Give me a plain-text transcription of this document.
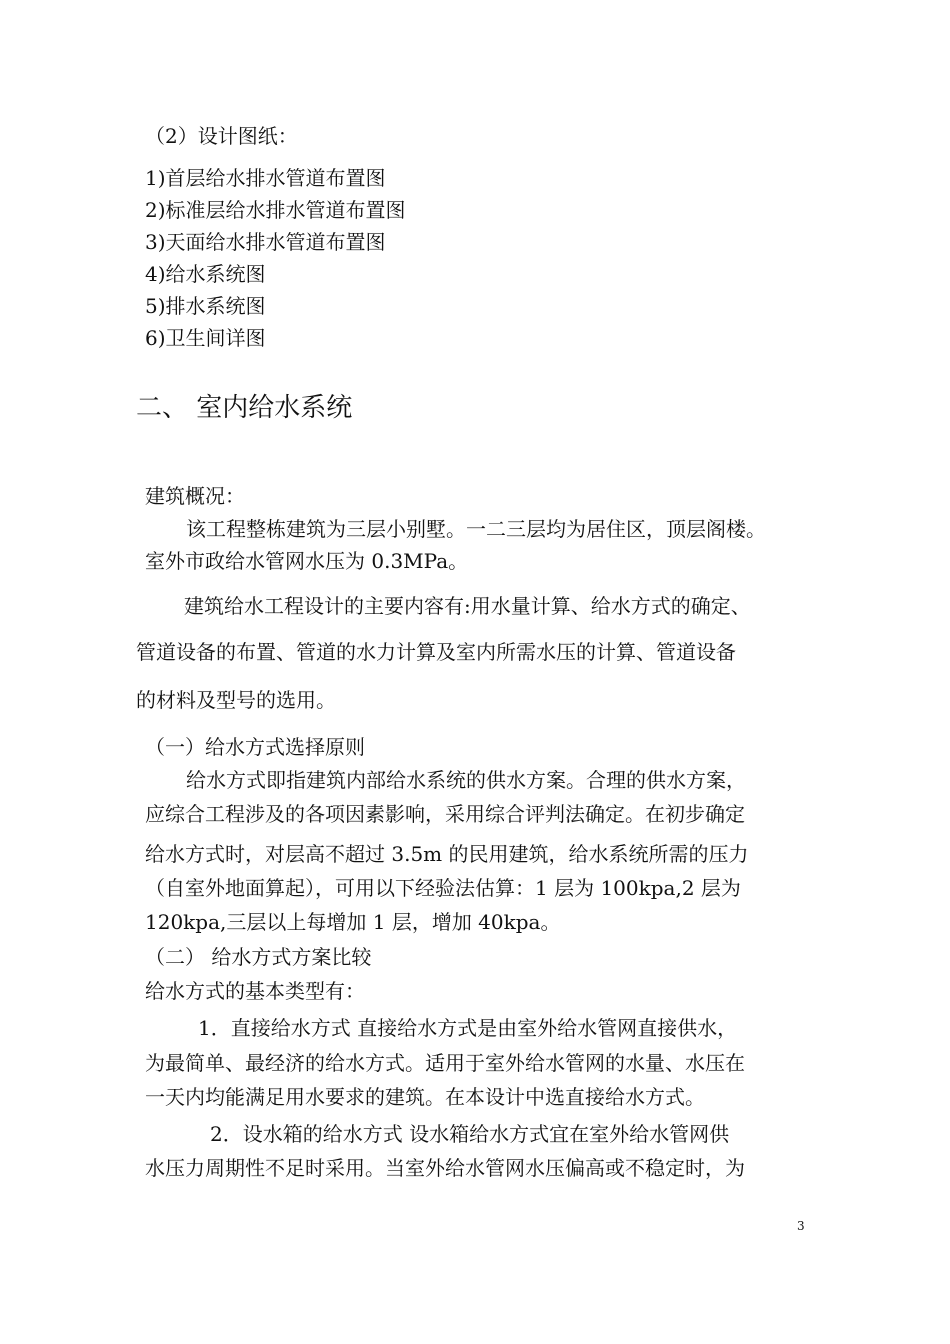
（2）设计图纸：
1)首层给水排水管道布置图
2)标准层给水排水管道布置图
3)天面给水排水管道布置图
4)给水系统图
5)排水系统图
6)卫生间详图
二、 室内给水系统
建筑概况：
该工程整栋建筑为三层小别墅。一二三层均为居住区，顶层阁楼。
室外市政给水管网水压为 0.3MPa。
建筑给水工程设计的主要内容有:用水量计算、给水方式的确定、
管道设备的布置、管道的水力计算及室内所需水压的计算、管道设备
的材料及型号的选用。
（一）给水方式选择原则
给水方式即指建筑内部给水系统的供水方案。合理的供水方案，
应综合工程涉及的各项因素影响，采用综合评判法确定。在初步确定
给水方式时，对层高不超过 3.5m 的民用建筑，给水系统所需的压力
（自室外地面算起），可用以下经验法估算：1 层为 100kpa,2 层为
120kpa,三层以上每增加 1 层，增加 40kpa。
（二） 给水方式方案比较
给水方式的基本类型有：
1．直接给水方式 直接给水方式是由室外给水管网直接供水，
为最简单、最经济的给水方式。适用于室外给水管网的水量、水压在
一天内均能满足用水要求的建筑。在本设计中选直接给水方式。
2．设水箱的给水方式 设水箱给水方式宜在室外给水管网供
水压力周期性不足时采用。当室外给水管网水压偏高或不稳定时，为
3
